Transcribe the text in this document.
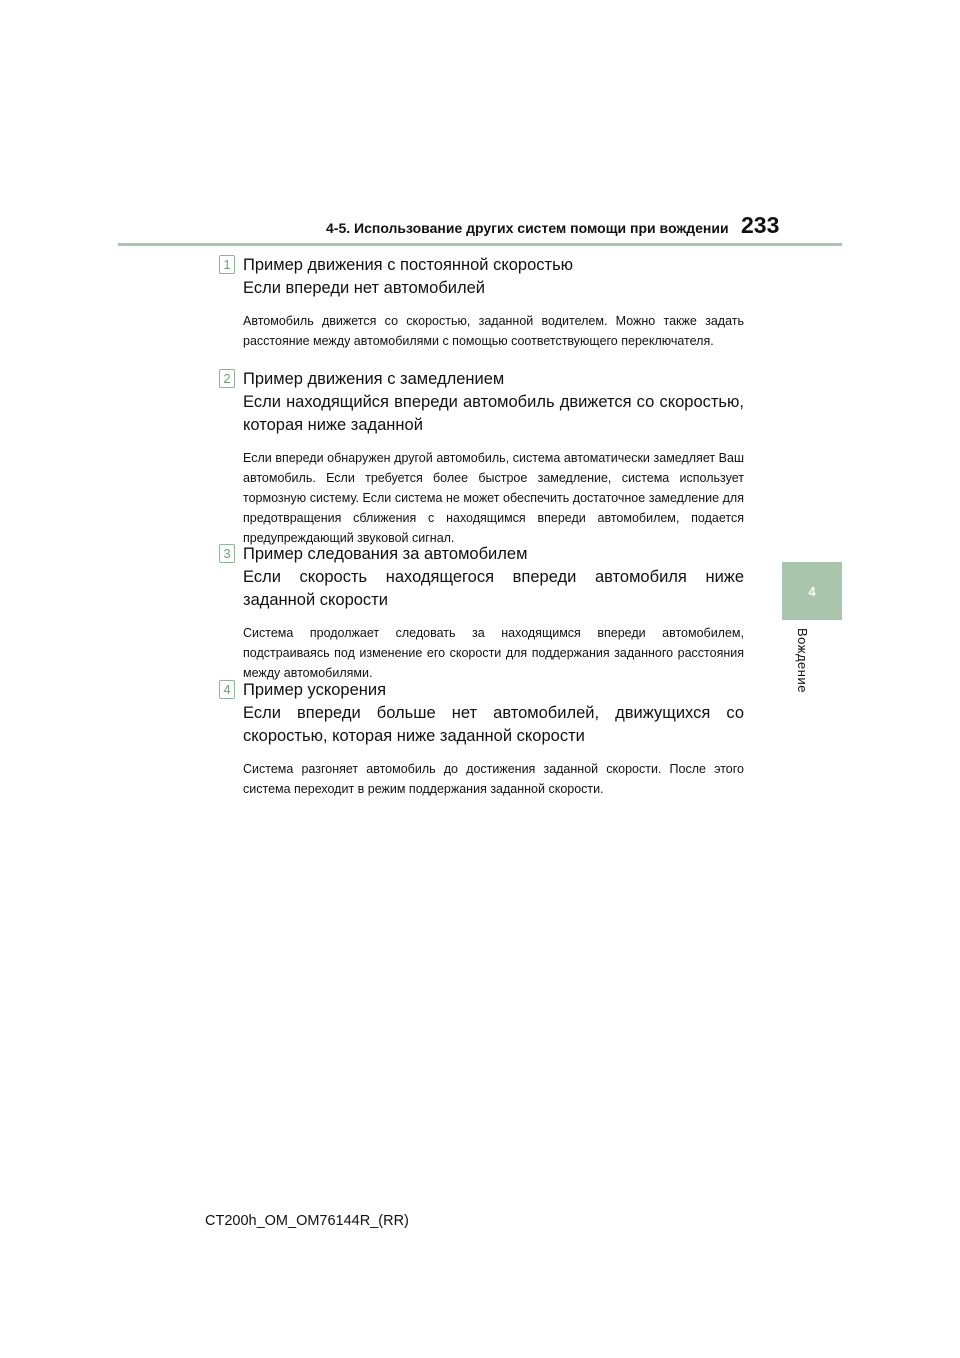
4-5. Использование других систем помощи при вождении 233
4
Вождение
1 Пример движения с постоянной скоростью

Если впереди нет автомобилей

Автомобиль движется со скоростью, заданной водителем. Можно также задать расстояние между автомобилями с помощью соответствующего переключателя.

2 Пример движения с замедлением

Если находящийся впереди автомобиль движется со скоростью, которая ниже заданной

Если впереди обнаружен другой автомобиль, система автоматически замедляет Ваш автомобиль. Если требуется более быстрое замедление, система использует тормозную систему. Если система не может обеспечить достаточное замедление для предотвращения сближения с находящимся впереди автомобилем, подается предупреждающий звуковой сигнал.

3 Пример следования за автомобилем

Если скорость находящегося впереди автомобиля ниже заданной скорости

Система продолжает следовать за находящимся впереди автомобилем, подстраиваясь под изменение его скорости для поддержания заданного расстояния между автомобилями.

4 Пример ускорения

Если впереди больше нет автомобилей, движущихся со скоростью, которая ниже заданной скорости

Система разгоняет автомобиль до достижения заданной скорости. После этого система переходит в режим поддержания заданной скорости.

CT200h_OM_OM76144R_(RR)
